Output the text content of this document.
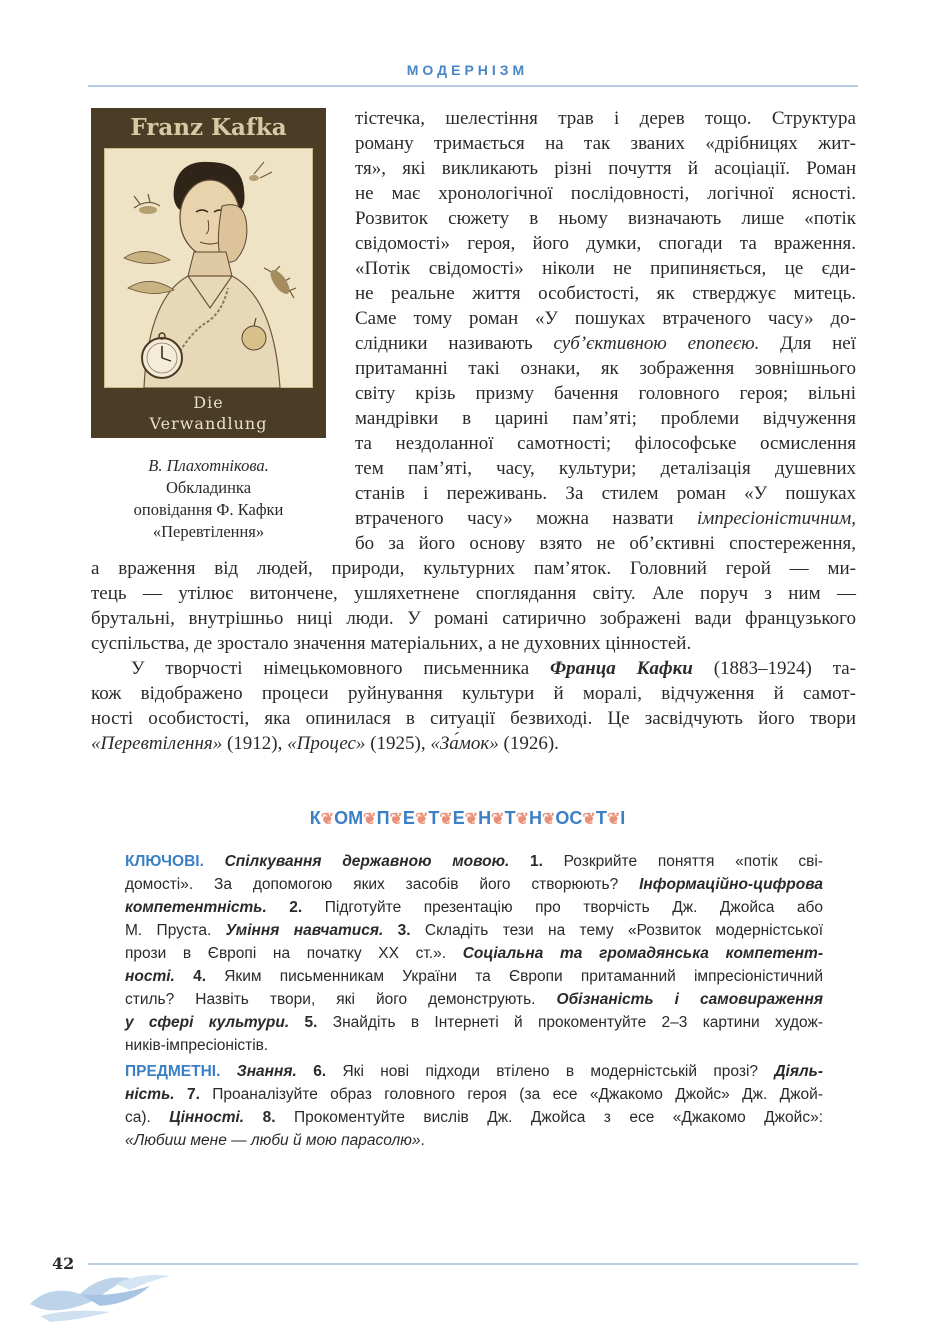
МОДЕРНІЗМ
Franz Kafka
Die
Verwandlung
В. Плахотнікова.
Обкладинка
оповідання Ф. Кафки
«Перевтілення»
тістечка, шелестіння трав і дерев тощо. Структура
роману тримається на так званих «дрібницях жит-
тя», які викликають різні почуття й асоціації. Роман
не має хронологічної послідовності, логічної ясності.
Розвиток сюжету в ньому визначають лише «потік
свідомості» героя, його думки, спогади та враження.
«Потік свідомості» ніколи не припиняється, це єди-
не реальне життя особистості, як стверджує митець.
Саме тому роман «У пошуках втраченого часу» до-
слідники називають суб’єктивною епопеєю. Для неї
притаманні такі ознаки, як зображення зовнішнього
світу крізь призму бачення головного героя; вільні
мандрівки в царині пам’яті; проблеми відчуження
та нездоланної самотності; філософське осмислення
тем пам’яті, часу, культури; деталізація душевних
станів і переживань. За стилем роман «У пошуках
втраченого часу» можна назвати імпресіоністичним,
бо за його основу взято не об’єктивні спостереження,
а враження від людей, природи, культурних пам’яток. Головний герой — ми-
тець — утілює витончене, ушляхетнене споглядання світу. Але поруч з ним —
брутальні, внутрішньо ниці люди. У романі сатирично зображені вади французького
суспільства, де зростало значення матеріальних, а не духовних цінностей.
У творчості німецькомовного письменника Франца Кафки (1883–1924) та-
кож відображено процеси руйнування культури й моралі, відчуження й самот-
ності особистості, яка опинилася в ситуації безвиході. Це засвідчують його твори
«Перевтілення» (1912), «Процес» (1925), «За́мок» (1926).
К❦ОМ❦П❦Е❦Т❦Е❦Н❦Т❦Н❦ОС❦Т❦І
КЛЮЧОВІ. Спілкування державною мовою. 1. Розкрийте поняття «потік сві-
домості». За допомогою яких засобів його створюють? Інформаційно-цифрова
компетентність. 2. Підготуйте презентацію про творчість Дж. Джойса або
М. Пруста. Уміння навчатися. 3. Складіть тези на тему «Розвиток модерністської
прози в Європі на початку ХХ ст.». Соціальна та громадянська компетент-
ності. 4. Яким письменникам України та Європи притаманний імпресіоністичний
стиль? Назвіть твори, які його демонструють. Обізнаність і самовираження
у сфері культури. 5. Знайдіть в Інтернеті й прокоментуйте 2–3 картини худож-
ників-імпресіоністів.
ПРЕДМЕТНІ. Знання. 6. Які нові підходи втілено в модерністській прозі? Діяль-
ність. 7. Проаналізуйте образ головного героя (за есе «Джакомо Джойс» Дж. Джой-
са). Цінності. 8. Прокоментуйте вислів Дж. Джойса з есе «Джакомо Джойс»:
«Любиш мене — люби й мою парасолю».
42
